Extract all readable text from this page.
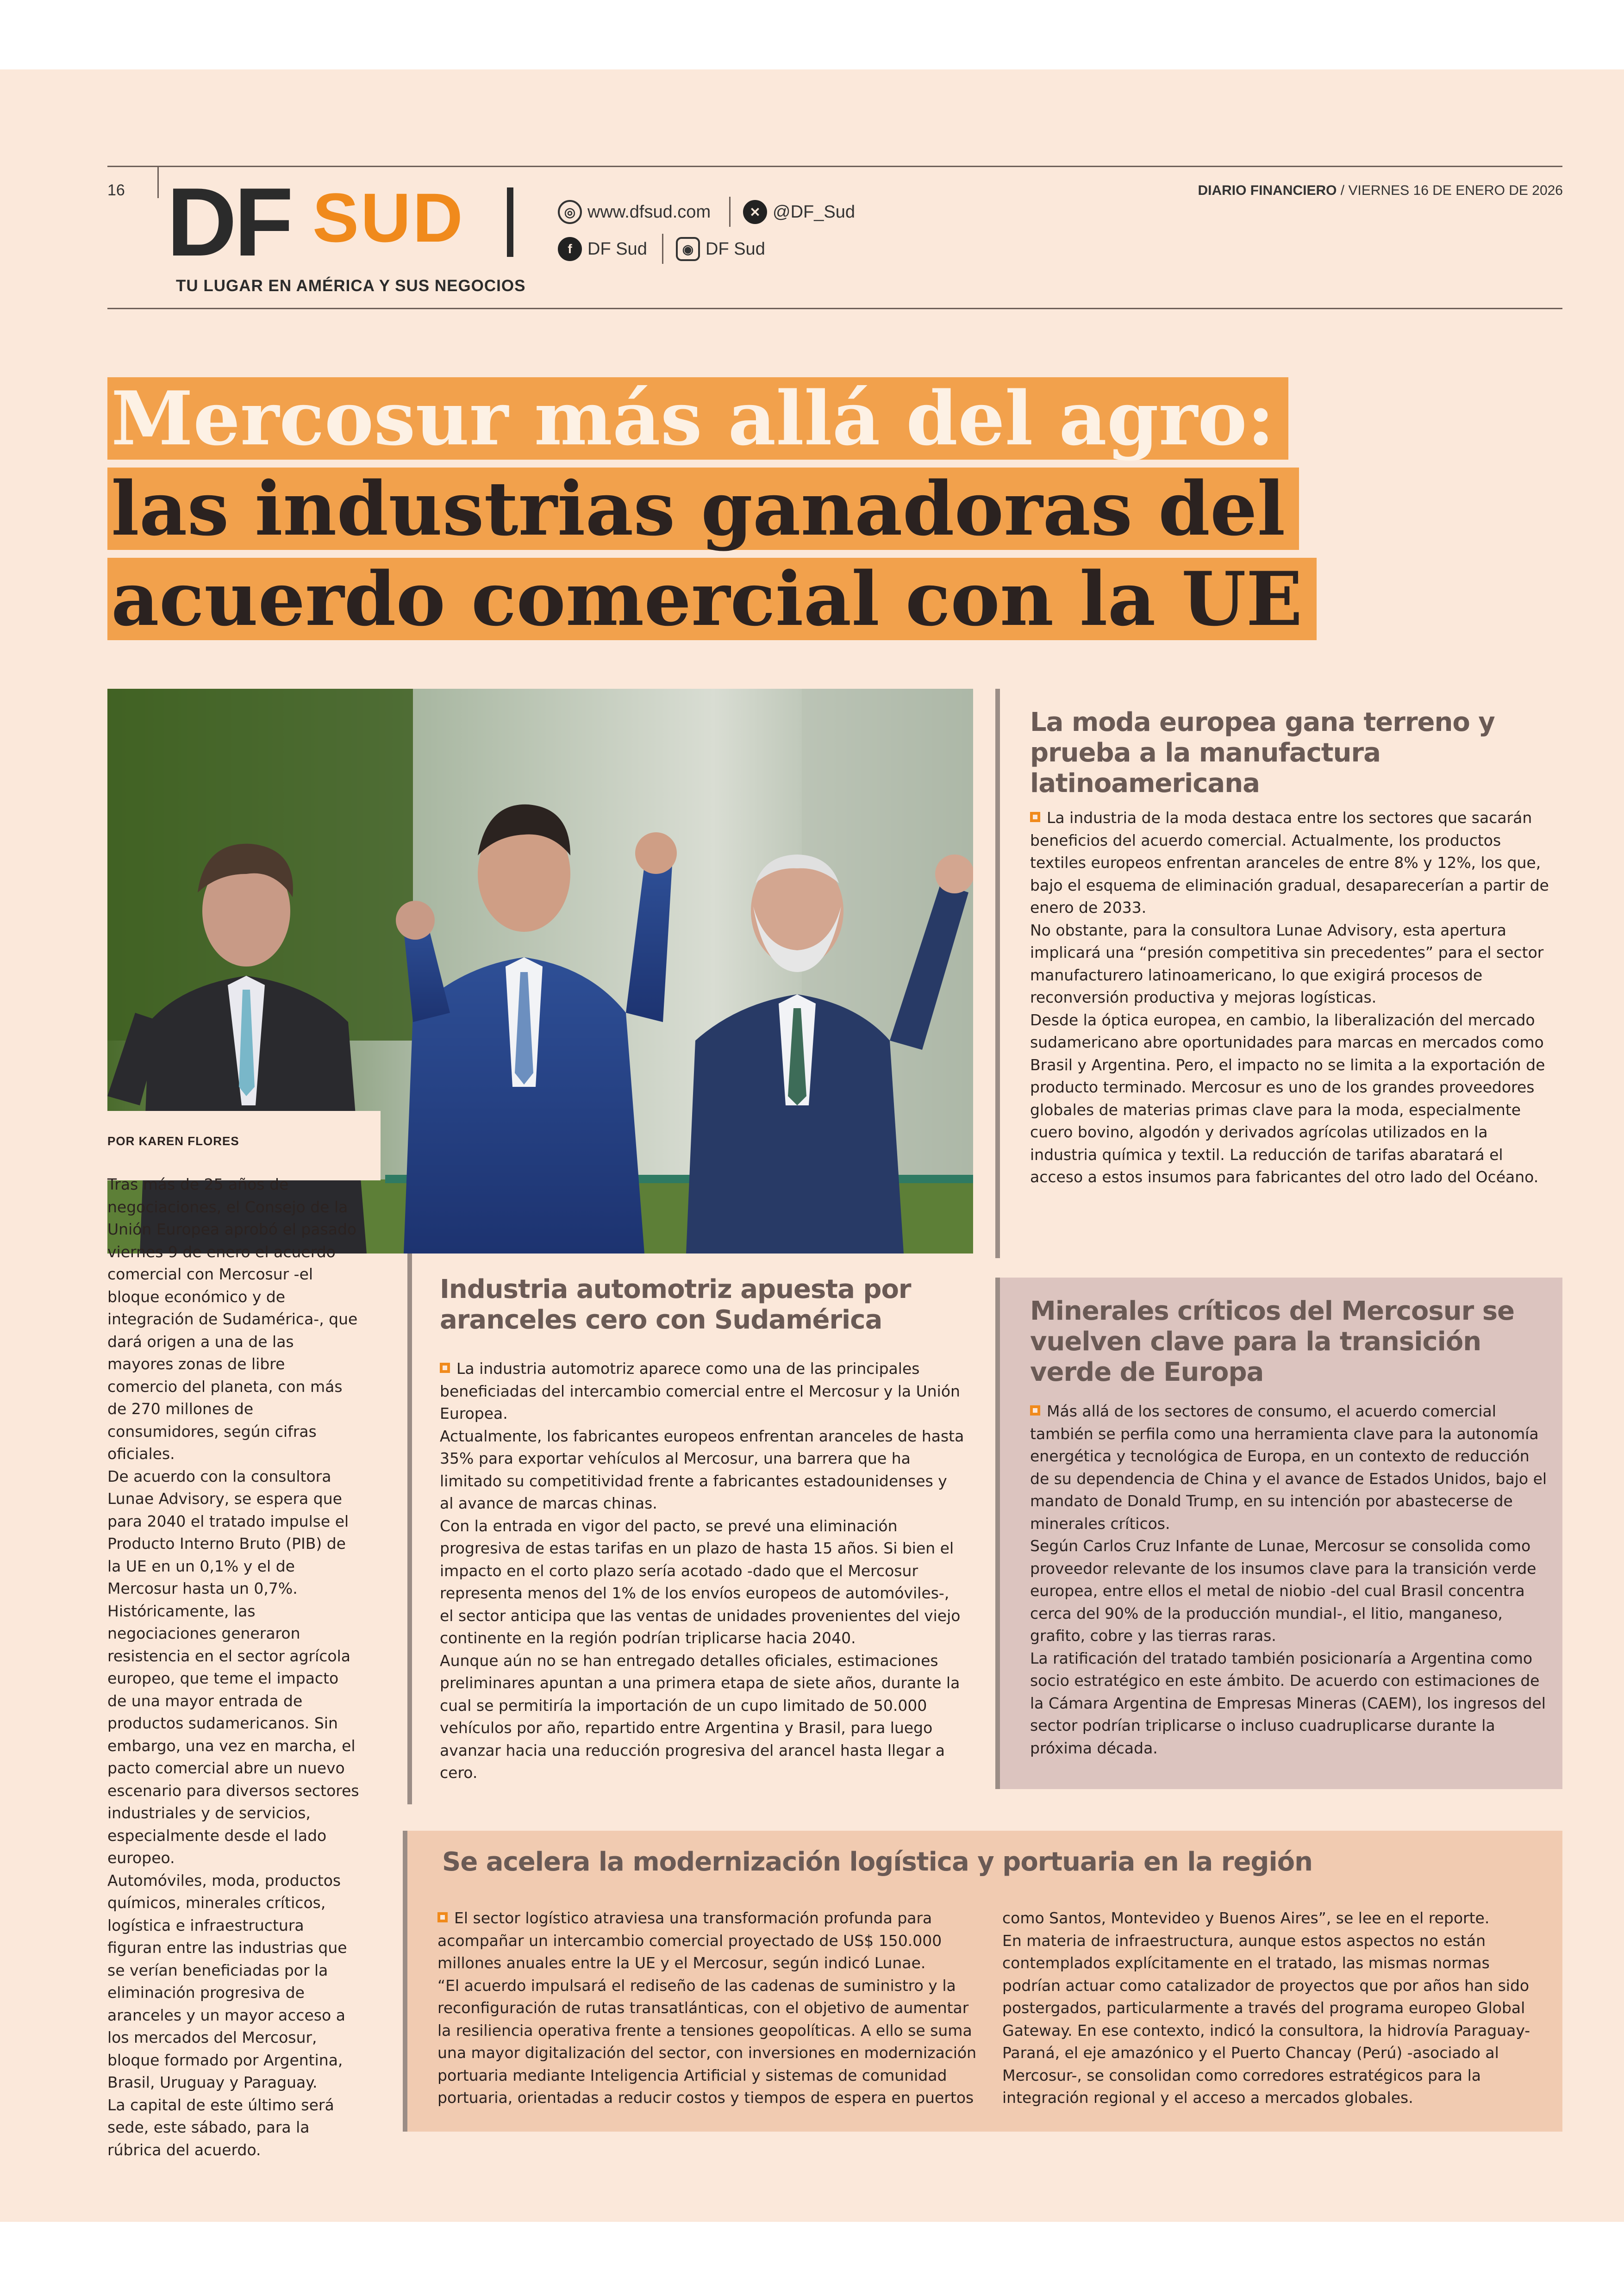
16 DF SUD
TU LUGAR EN AMÉRICA Y SUS NEGOCIOS
◎ www.dfsud.com	✕ @DF_Sud
f DF Sud	◉ DF Sud
DIARIO FINANCIERO / VIERNES 16 DE ENERO DE 2026
Mercosur más allá del agro:
las industrias ganadoras del
acuerdo comercial con la UE
POR KAREN FLORES

Tras más de 25 años de negociaciones, el Consejo de la Unión Europea aprobó el pasado viernes 9 de enero el acuerdo comercial con Mercosur -el bloque económico y de integración de Sudamérica-, que dará origen a una de las mayores zonas de libre comercio del planeta, con más de 270 millones de consumidores, según cifras oficiales.

De acuerdo con la consultora Lunae Advisory, se espera que para 2040 el tratado impulse el Producto Interno Bruto (PIB) de la UE en un 0,1% y el de Mercosur hasta un 0,7%.

Históricamente, las negociaciones generaron resistencia en el sector agrícola europeo, que teme el impacto de una mayor entrada de productos sudamericanos. Sin embargo, una vez en marcha, el pacto comercial abre un nuevo escenario para diversos sectores industriales y de servicios, especialmente desde el lado europeo.

Automóviles, moda, productos químicos, minerales críticos, logística e infraestructura figuran entre las industrias que se verían beneficiadas por la eliminación progresiva de aranceles y un mayor acceso a los mercados del Mercosur, bloque formado por Argentina, Brasil, Uruguay y Paraguay.

La capital de este último será sede, este sábado, para la rúbrica del acuerdo.

La moda europea gana terreno y prueba a la manufactura latinoamericana

La industria de la moda destaca entre los sectores que sacarán beneficios del acuerdo comercial. Actualmente, los productos textiles europeos enfrentan aranceles de entre 8% y 12%, los que, bajo el esquema de eliminación gradual, desaparecerían a partir de enero de 2033.

No obstante, para la consultora Lunae Advisory, esta apertura implicará una “presión competitiva sin precedentes” para el sector manufacturero latinoamericano, lo que exigirá procesos de reconversión productiva y mejoras logísticas.

Desde la óptica europea, en cambio, la liberalización del mercado sudamericano abre oportunidades para marcas en mercados como Brasil y Argentina. Pero, el impacto no se limita a la exportación de producto terminado. Mercosur es uno de los grandes proveedores globales de materias primas clave para la moda, especialmente cuero bovino, algodón y derivados agrícolas utilizados en la industria química y textil. La reducción de tarifas abaratará el acceso a estos insumos para fabricantes del otro lado del Océano.

Industria automotriz apuesta por aranceles cero con Sudamérica

La industria automotriz aparece como una de las principales beneficiadas del intercambio comercial entre el Mercosur y la Unión Europea.

Actualmente, los fabricantes europeos enfrentan aranceles de hasta 35% para exportar vehículos al Mercosur, una barrera que ha limitado su competitividad frente a fabricantes estadounidenses y al avance de marcas chinas.

Con la entrada en vigor del pacto, se prevé una eliminación progresiva de estas tarifas en un plazo de hasta 15 años. Si bien el impacto en el corto plazo sería acotado -dado que el Mercosur representa menos del 1% de los envíos europeos de automóviles-, el sector anticipa que las ventas de unidades provenientes del viejo continente en la región podrían triplicarse hacia 2040.

Aunque aún no se han entregado detalles oficiales, estimaciones preliminares apuntan a una primera etapa de siete años, durante la cual se permitiría la importación de un cupo limitado de 50.000 vehículos por año, repartido entre Argentina y Brasil, para luego avanzar hacia una reducción progresiva del arancel hasta llegar a cero.

Minerales críticos del Mercosur se vuelven clave para la transición verde de Europa

Más allá de los sectores de consumo, el acuerdo comercial también se perfila como una herramienta clave para la autonomía energética y tecnológica de Europa, en un contexto de reducción de su dependencia de China y el avance de Estados Unidos, bajo el mandato de Donald Trump, en su intención por abastecerse de minerales críticos.

Según Carlos Cruz Infante de Lunae, Mercosur se consolida como proveedor relevante de los insumos clave para la transición verde europea, entre ellos el metal de niobio -del cual Brasil concentra cerca del 90% de la producción mundial-, el litio, manganeso, grafito, cobre y las tierras raras.

La ratificación del tratado también posicionaría a Argentina como socio estratégico en este ámbito. De acuerdo con estimaciones de la Cámara Argentina de Empresas Mineras (CAEM), los ingresos del sector podrían triplicarse o incluso cuadruplicarse durante la próxima década.

Se acelera la modernización logística y portuaria en la región

El sector logístico atraviesa una transformación profunda para acompañar un intercambio comercial proyectado de US$ 150.000 millones anuales entre la UE y el Mercosur, según indicó Lunae.

“El acuerdo impulsará el rediseño de las cadenas de suministro y la reconfiguración de rutas transatlánticas, con el objetivo de aumentar la resiliencia operativa frente a tensiones geopolíticas. A ello se suma una mayor digitalización del sector, con inversiones en modernización portuaria mediante Inteligencia Artificial y sistemas de comunidad portuaria, orientadas a reducir costos y tiempos de espera en puertos

como Santos, Montevideo y Buenos Aires”, se lee en el reporte.

En materia de infraestructura, aunque estos aspectos no están contemplados explícitamente en el tratado, las mismas normas podrían actuar como catalizador de proyectos que por años han sido postergados, particularmente a través del programa europeo Global Gateway. En ese contexto, indicó la consultora, la hidrovía Paraguay-Paraná, el eje amazónico y el Puerto Chancay (Perú) -asociado al Mercosur-, se consolidan como corredores estratégicos para la integración regional y el acceso a mercados globales.
